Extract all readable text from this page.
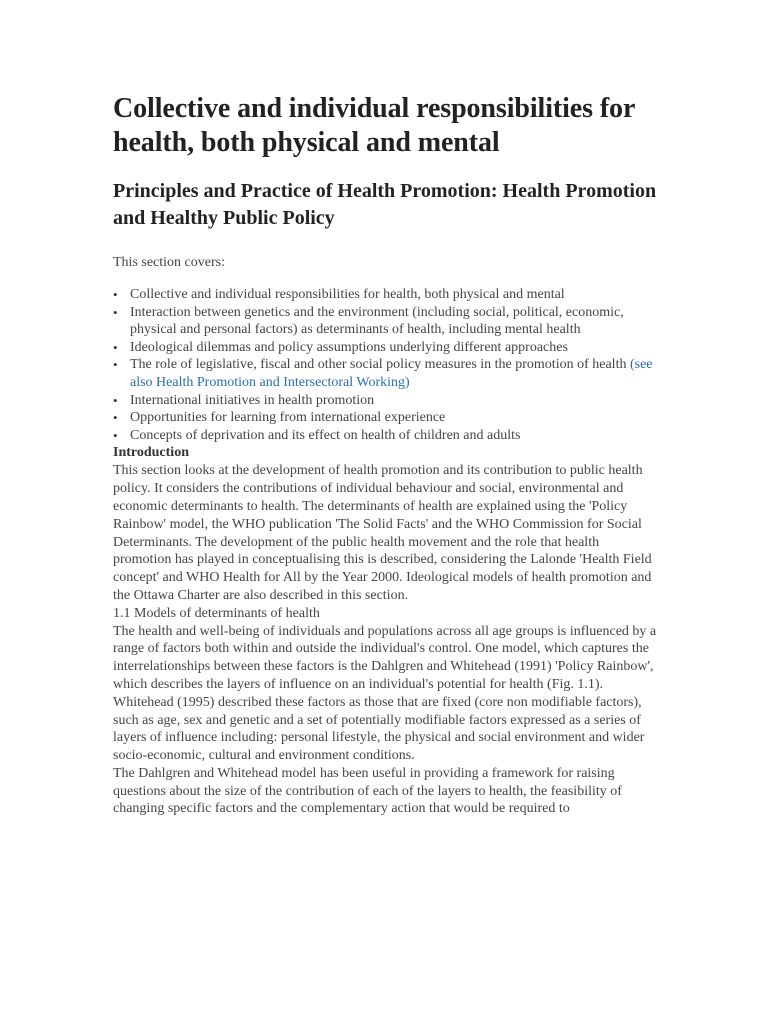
Collective and individual responsibilities for health, both physical and mental
Principles and Practice of Health Promotion: Health Promotion and Healthy Public Policy

This section covers:

• Collective and individual responsibilities for health, both physical and mental
• Interaction between genetics and the environment (including social, political, economic, physical and personal factors) as determinants of health, including mental health
• Ideological dilemmas and policy assumptions underlying different approaches
• The role of legislative, fiscal and other social policy measures in the promotion of health (see also Health Promotion and Intersectoral Working)
• International initiatives in health promotion
• Opportunities for learning from international experience
• Concepts of deprivation and its effect on health of children and adults

Introduction

This section looks at the development of health promotion and its contribution to public health policy. It considers the contributions of individual behaviour and social, environmental and economic determinants to health. The determinants of health are explained using the 'Policy Rainbow' model, the WHO publication 'The Solid Facts' and the WHO Commission for Social Determinants. The development of the public health movement and the role that health promotion has played in conceptualising this is described, considering the Lalonde 'Health Field concept' and WHO Health for All by the Year 2000. Ideological models of health promotion and the Ottawa Charter are also described in this section.

1.1 Models of determinants of health

The health and well-being of individuals and populations across all age groups is influenced by a range of factors both within and outside the individual's control. One model, which captures the interrelationships between these factors is the Dahlgren and Whitehead (1991) 'Policy Rainbow', which describes the layers of influence on an individual's potential for health (Fig. 1.1). Whitehead (1995) described these factors as those that are fixed (core non modifiable factors), such as age, sex and genetic and a set of potentially modifiable factors expressed as a series of layers of influence including: personal lifestyle, the physical and social environment and wider socio-economic, cultural and environment conditions.

The Dahlgren and Whitehead model has been useful in providing a framework for raising questions about the size of the contribution of each of the layers to health, the feasibility of changing specific factors and the complementary action that would be required to
